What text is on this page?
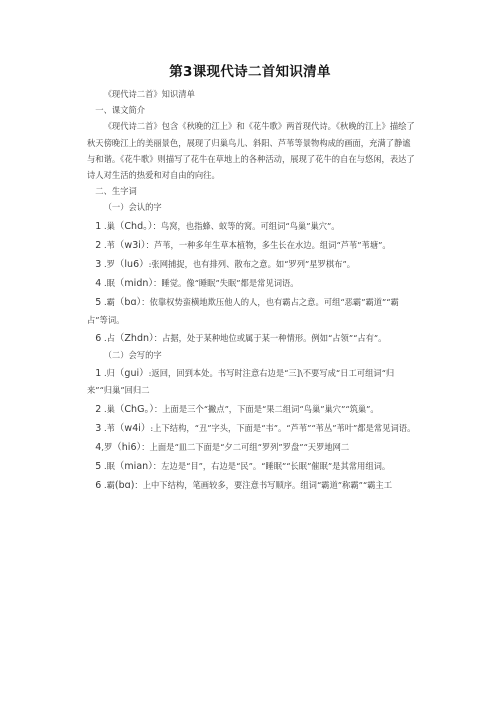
第3课现代诗二首知识清单

《现代诗二首》知识清单

一、课文简介

《现代诗二首》包含《秋晚的江上》和《花牛歌》两首现代诗。《秋晚的江上》描绘了秋天傍晚江上的美丽景色，展现了归巢鸟儿、斜阳、芦苇等景物构成的画面，充满了静谧与和谐。《花牛歌》则描写了花牛在草地上的各种活动，展现了花牛的自在与悠闲，表达了诗人对生活的热爱和对自由的向往。

二、生字词

（一）会认的字

1 .巢（Chd。）：鸟窝，也指蜂、蚁等的窝。可组词“鸟巢”巢穴”。

2 .苇（w3i）：芦苇，一种多年生草本植物，多生长在水边。组词“芦苇”苇塘”。

3 .罗（lu6）:张网捕捉，也有排列、散布之意。如“罗列”星罗棋布”。

4 .眠（midn）：睡觉。像“睡眠”失眠”都是常见词语。

5 .霸（bɑ）：依靠权势蛮横地欺压他人的人，也有霸占之意。可组“恶霸”霸道”“霸占”等词。

6 .占（Zhdn）：占据，处于某种地位或属于某一种情形。例如“占领”“占有”。

（二）会写的字

1 .归（gui）:返回，回到本处。书写时注意右边是“三]\不要写成“日工可组词“归来”“归巢”回归二

2 .巢（ChG。）：上面是三个“撇点”，下面是“果二组词“鸟巢”巢穴”“筑巢”。

3 .苇（w4i）:上下结构，“丑”字头，下面是“韦”。“芦苇”“苇丛”苇叶”都是常见词语。

4,罗（hi6）：上面是“皿二下面是“夕二可组“罗列”罗盘”“天罗地网二

5 .眠（mian）：左边是“目”，右边是“民”。“睡眠”“长眠”催眠”是其常用组词。

6 .霸(bɑ)：上中下结构，笔画较多，要注意书写顺序。组词“霸道”称霸”“霸主工
